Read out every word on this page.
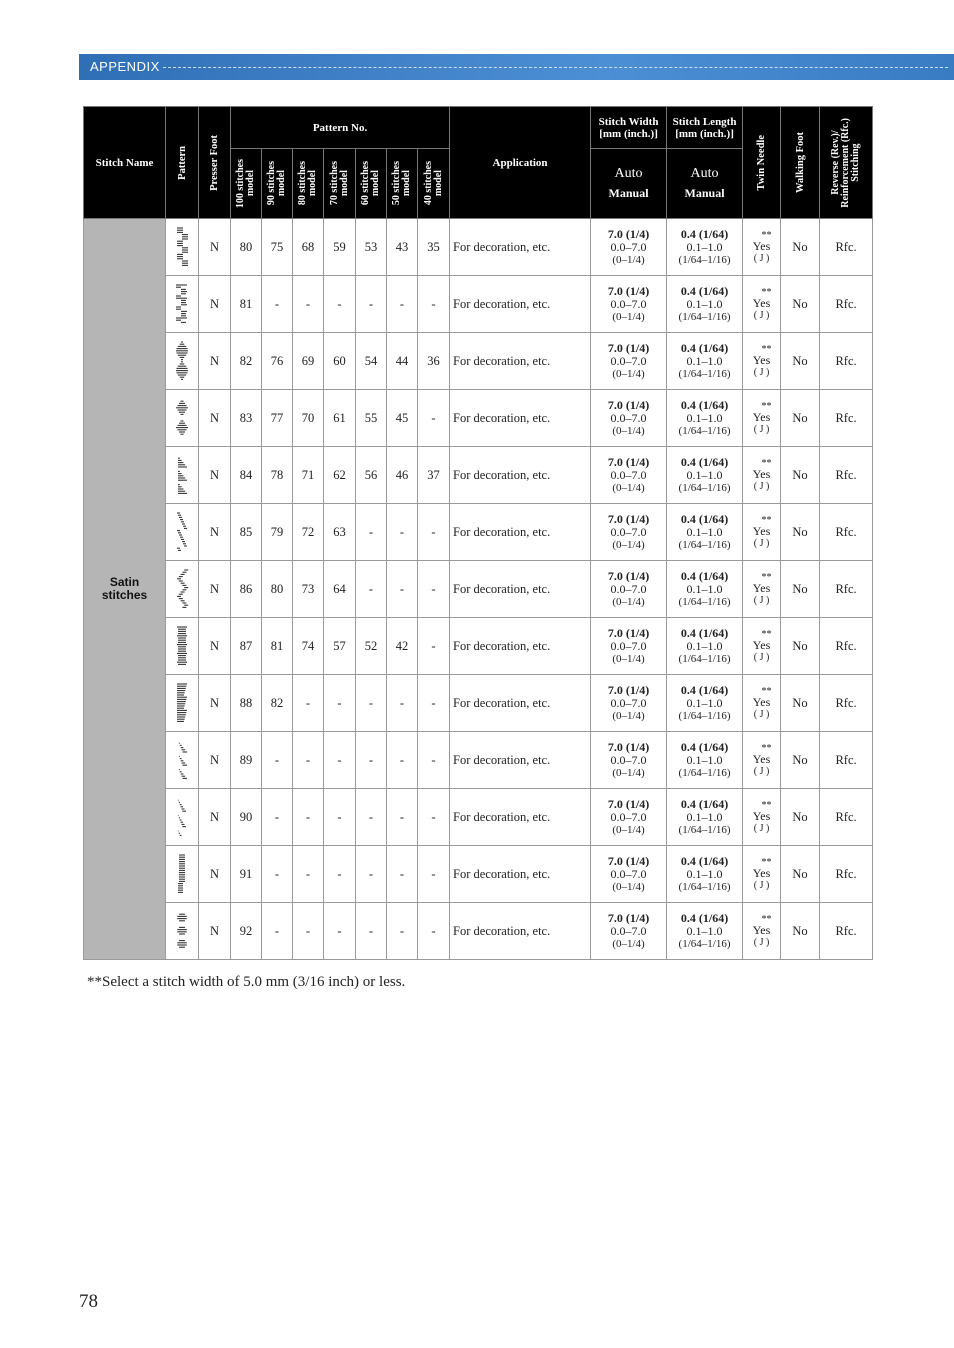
APPENDIX
Stitch Name	Pattern	Presser Foot	Pattern No.							Application	Stitch Width
[mm (inch.)]	Stitch Length
[mm (inch.)]	Twin Needle	Walking Foot	Reverse (Rev.)/
Reinforcement (Rfc.)
Stitching

			100 stitches
model	90 stitches
model	80 stitches
model	70 stitches
model	60 stitches
model	50 stitches
model	40 stitches
model		Auto
Manual	Auto
Manual			

Satin
stitches		N	80	75	68	59	53	43	35	For decoration, etc.	7.0 (1/4)
0.0–7.0
(0–1/4)	0.4 (1/64)
0.1–1.0
(1/64–1/16)	**
Yes
( J )	No	Rfc.

	N	81	-	-	-	-	-	-	For decoration, etc.	7.0 (1/4)
0.0–7.0
(0–1/4)	0.4 (1/64)
0.1–1.0
(1/64–1/16)	**
Yes
( J )	No	Rfc.

	N	82	76	69	60	54	44	36	For decoration, etc.	7.0 (1/4)
0.0–7.0
(0–1/4)	0.4 (1/64)
0.1–1.0
(1/64–1/16)	**
Yes
( J )	No	Rfc.

	N	83	77	70	61	55	45	-	For decoration, etc.	7.0 (1/4)
0.0–7.0
(0–1/4)	0.4 (1/64)
0.1–1.0
(1/64–1/16)	**
Yes
( J )	No	Rfc.

	N	84	78	71	62	56	46	37	For decoration, etc.	7.0 (1/4)
0.0–7.0
(0–1/4)	0.4 (1/64)
0.1–1.0
(1/64–1/16)	**
Yes
( J )	No	Rfc.

	N	85	79	72	63	-	-	-	For decoration, etc.	7.0 (1/4)
0.0–7.0
(0–1/4)	0.4 (1/64)
0.1–1.0
(1/64–1/16)	**
Yes
( J )	No	Rfc.

	N	86	80	73	64	-	-	-	For decoration, etc.	7.0 (1/4)
0.0–7.0
(0–1/4)	0.4 (1/64)
0.1–1.0
(1/64–1/16)	**
Yes
( J )	No	Rfc.

	N	87	81	74	57	52	42	-	For decoration, etc.	7.0 (1/4)
0.0–7.0
(0–1/4)	0.4 (1/64)
0.1–1.0
(1/64–1/16)	**
Yes
( J )	No	Rfc.

	N	88	82	-	-	-	-	-	For decoration, etc.	7.0 (1/4)
0.0–7.0
(0–1/4)	0.4 (1/64)
0.1–1.0
(1/64–1/16)	**
Yes
( J )	No	Rfc.

	N	89	-	-	-	-	-	-	For decoration, etc.	7.0 (1/4)
0.0–7.0
(0–1/4)	0.4 (1/64)
0.1–1.0
(1/64–1/16)	**
Yes
( J )	No	Rfc.

	N	90	-	-	-	-	-	-	For decoration, etc.	7.0 (1/4)
0.0–7.0
(0–1/4)	0.4 (1/64)
0.1–1.0
(1/64–1/16)	**
Yes
( J )	No	Rfc.

	N	91	-	-	-	-	-	-	For decoration, etc.	7.0 (1/4)
0.0–7.0
(0–1/4)	0.4 (1/64)
0.1–1.0
(1/64–1/16)	**
Yes
( J )	No	Rfc.

	N	92	-	-	-	-	-	-	For decoration, etc.	7.0 (1/4)
0.0–7.0
(0–1/4)	0.4 (1/64)
0.1–1.0
(1/64–1/16)	**
Yes
( J )	No	Rfc.
**Select a stitch width of 5.0 mm (3/16 inch) or less.
78
